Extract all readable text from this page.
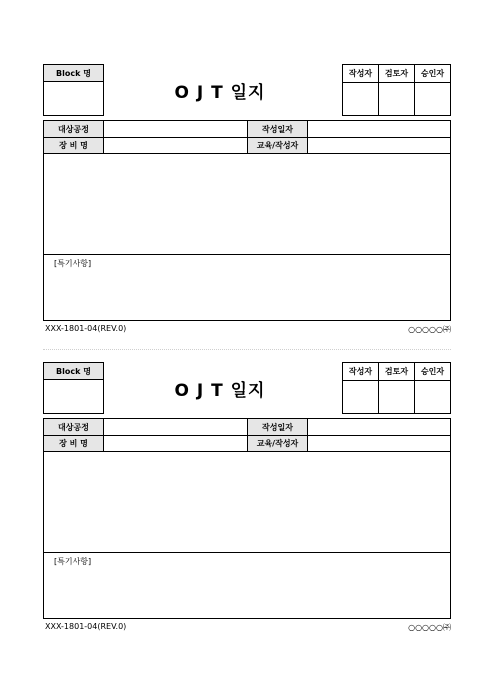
Block 명
O J T 일지
작성자	검토자	승인자
대상공정	작성일자
장 비 명	교육/작성자
[특기사항]
XXX-1801-04(REV.0)	○○○○○㈜
Block 명
O J T 일지
작성자	검토자	승인자
대상공정	작성일자
장 비 명	교육/작성자
[특기사항]
XXX-1801-04(REV.0)	○○○○○㈜
